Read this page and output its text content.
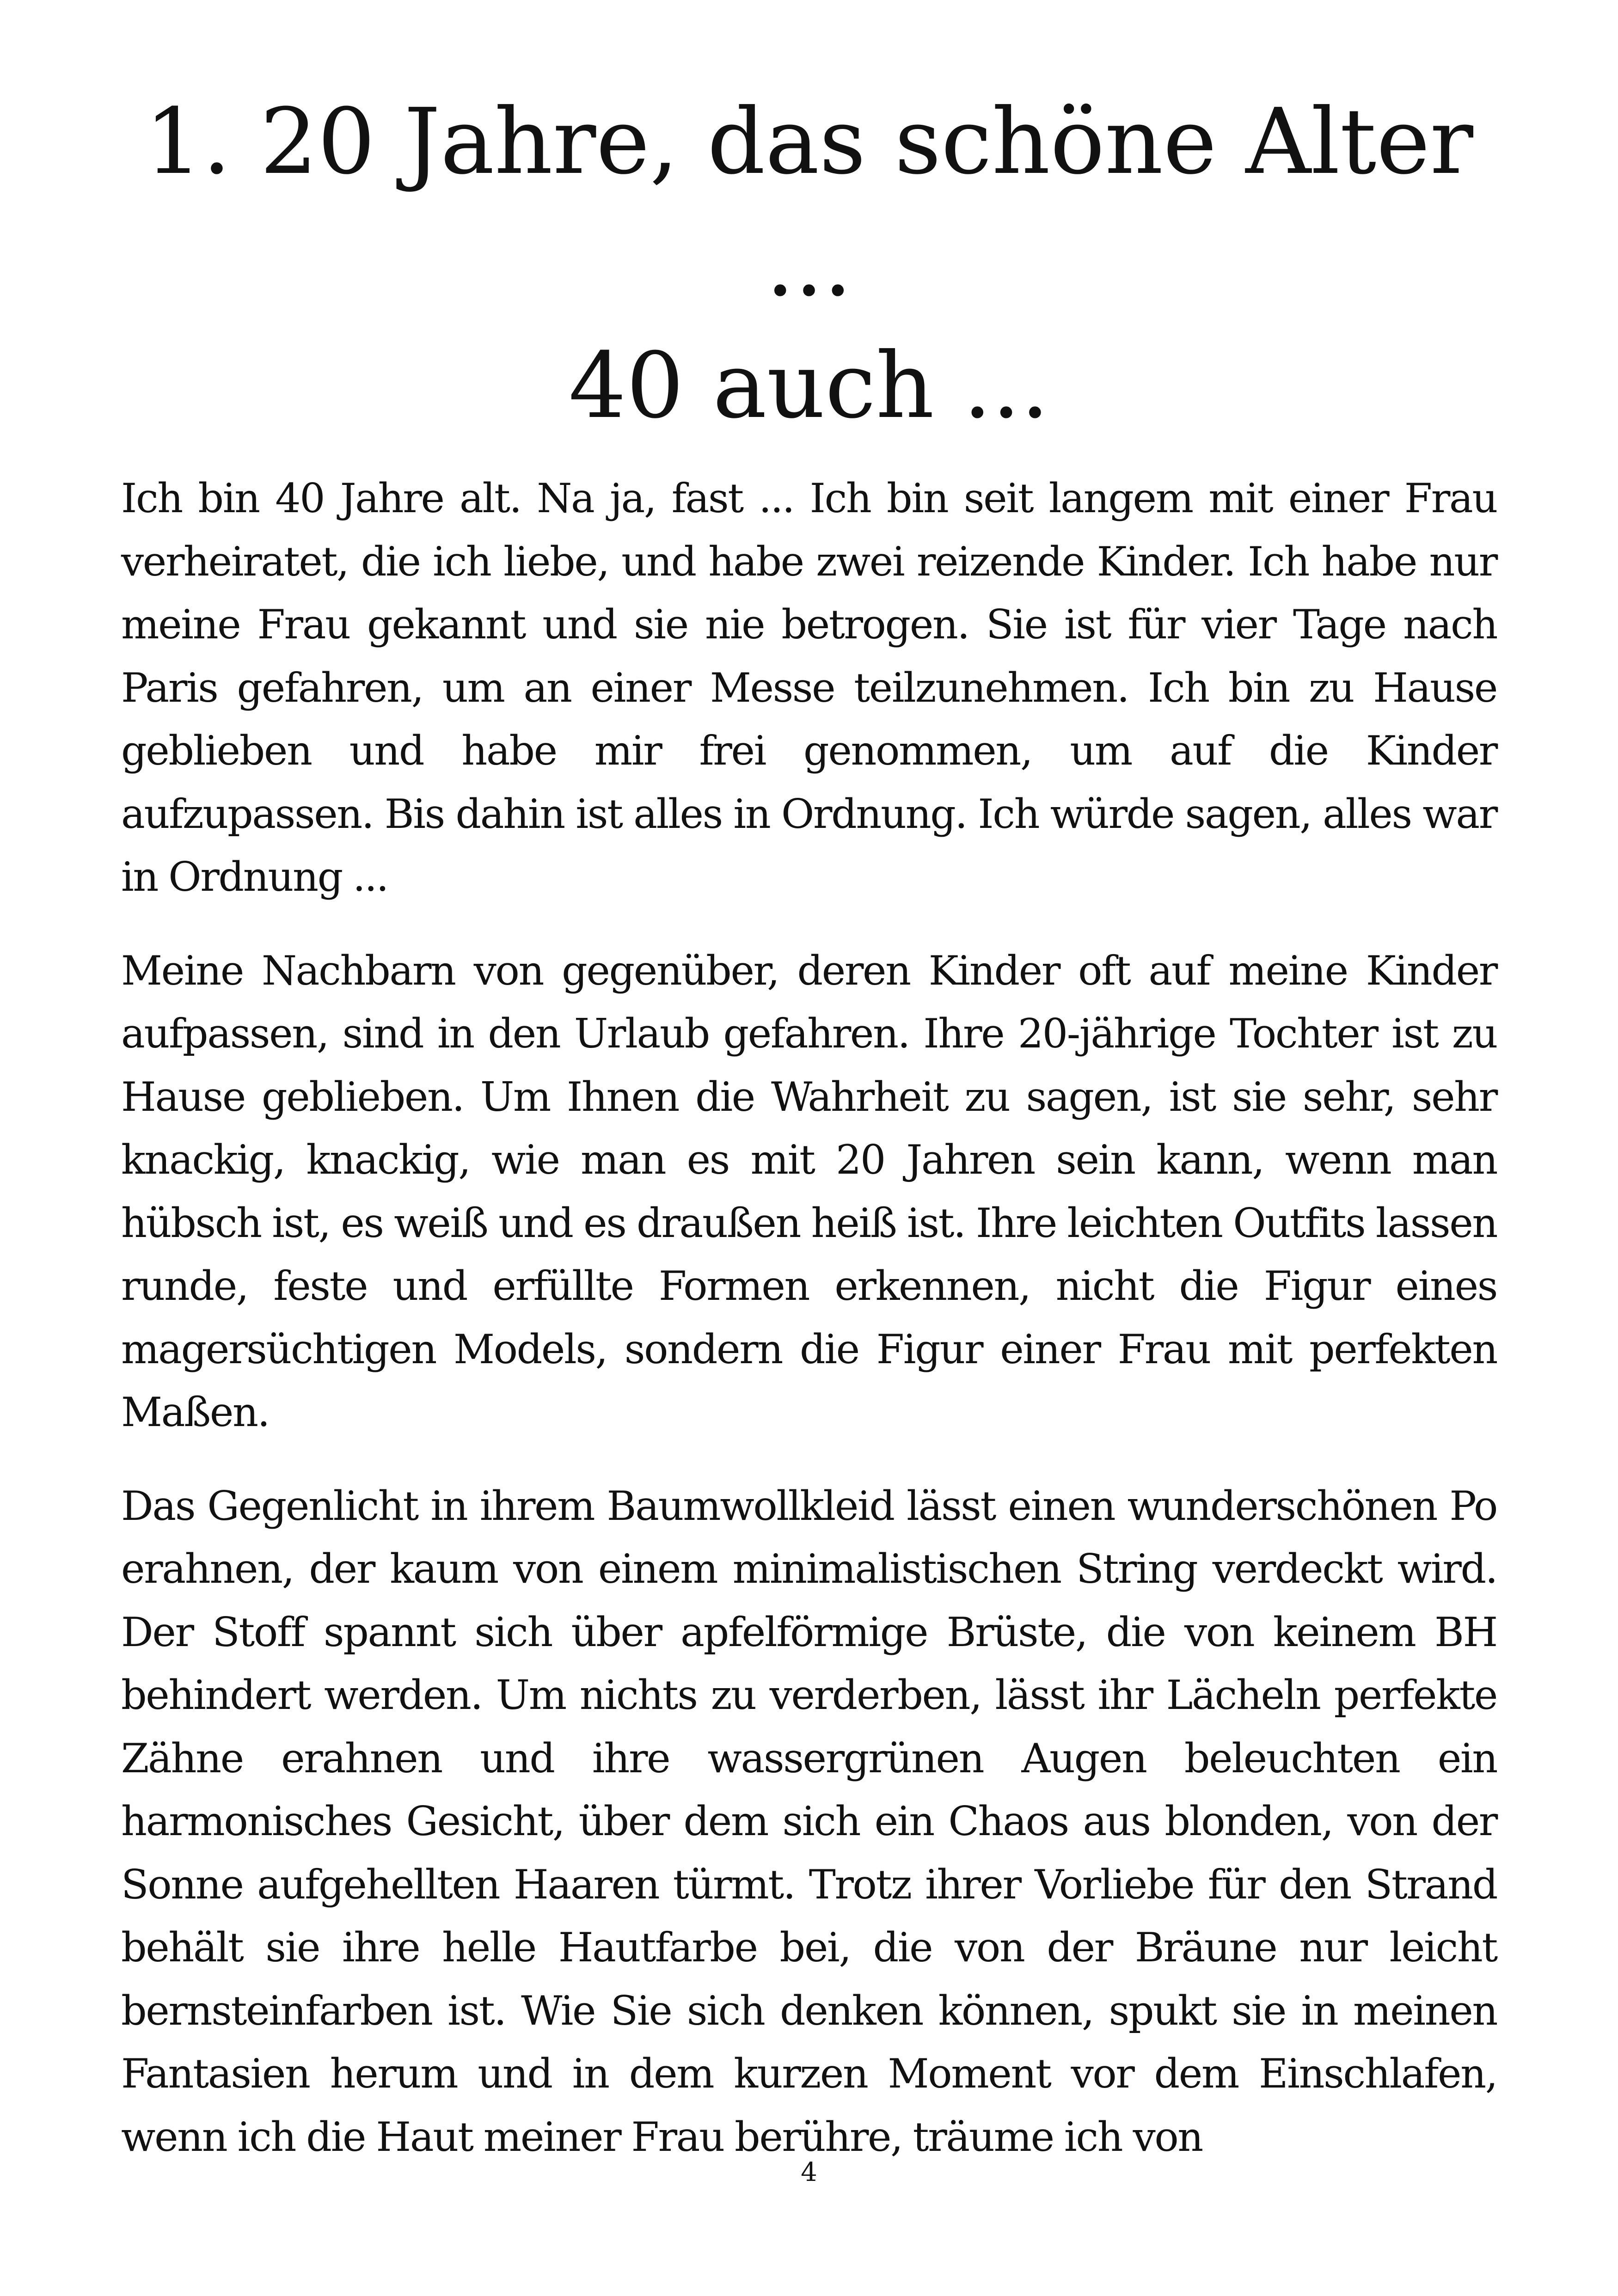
1. 20 Jahre, das schöne Alter ...
40 auch ...

Ich bin 40 Jahre alt. Na ja, fast ... Ich bin seit langem mit einer Frau verheiratet, die ich liebe, und habe zwei reizende Kinder. Ich habe nur meine Frau gekannt und sie nie betrogen. Sie ist für vier Tage nach Paris gefahren, um an einer Messe teilzunehmen. Ich bin zu Hause geblieben und habe mir frei genommen, um auf die Kinder aufzupassen. Bis dahin ist alles in Ordnung. Ich würde sagen, alles war in Ordnung ...

Meine Nachbarn von gegenüber, deren Kinder oft auf meine Kinder aufpassen, sind in den Urlaub gefahren. Ihre 20-jährige Tochter ist zu Hause geblieben. Um Ihnen die Wahrheit zu sagen, ist sie sehr, sehr knackig, knackig, wie man es mit 20 Jahren sein kann, wenn man hübsch ist, es weiß und es draußen heiß ist. Ihre leichten Outfits lassen runde, feste und erfüllte Formen erkennen, nicht die Figur eines magersüchtigen Models, sondern die Figur einer Frau mit perfekten Maßen.

Das Gegenlicht in ihrem Baumwollkleid lässt einen wunderschönen Po erahnen, der kaum von einem minimalistischen String verdeckt wird. Der Stoff spannt sich über apfelförmige Brüste, die von keinem BH behindert werden. Um nichts zu verderben, lässt ihr Lächeln perfekte Zähne erahnen und ihre wassergrünen Augen beleuchten ein harmonisches Gesicht, über dem sich ein Chaos aus blonden, von der Sonne aufgehellten Haaren türmt. Trotz ihrer Vorliebe für den Strand behält sie ihre helle Hautfarbe bei, die von der Bräune nur leicht bernsteinfarben ist. Wie Sie sich denken können, spukt sie in meinen Fantasien herum und in dem kurzen Moment vor dem Einschlafen, wenn ich die Haut meiner Frau berühre, träume ich von

4
